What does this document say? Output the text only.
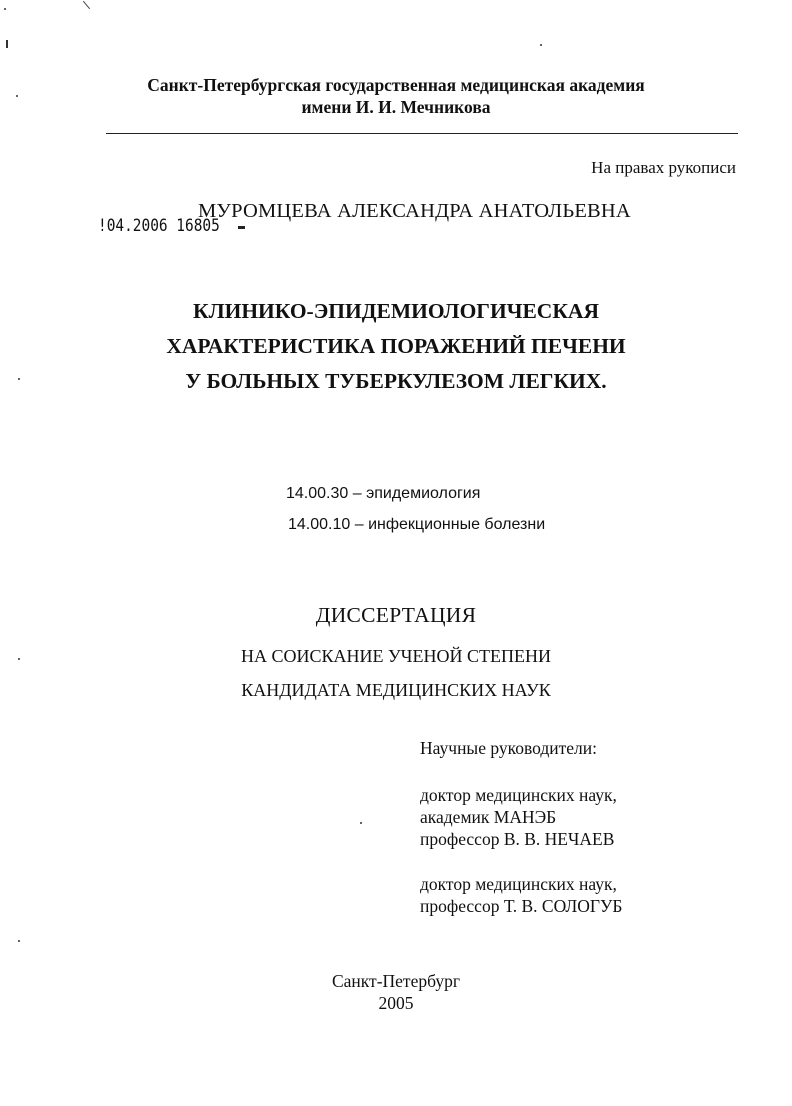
Санкт-Петербургская государственная медицинская академия
имени И. И. Мечникова
На правах рукописи
!04.2006 16805
МУРОМЦЕВА АЛЕКСАНДРА АНАТОЛЬЕВНА
КЛИНИКО-ЭПИДЕМИОЛОГИЧЕСКАЯ
ХАРАКТЕРИСТИКА ПОРАЖЕНИЙ ПЕЧЕНИ
У БОЛЬНЫХ ТУБЕРКУЛЕЗОМ ЛЕГКИХ.
14.00.30 – эпидемиология
14.00.10 – инфекционные болезни
ДИССЕРТАЦИЯ
НА СОИСКАНИЕ УЧЕНОЙ СТЕПЕНИ
КАНДИДАТА МЕДИЦИНСКИХ НАУК
Научные руководители:
доктор медицинских наук,
академик МАНЭБ
профессор В. В. НЕЧАЕВ
доктор медицинских наук,
профессор Т. В. СОЛОГУБ
Санкт-Петербург
2005
